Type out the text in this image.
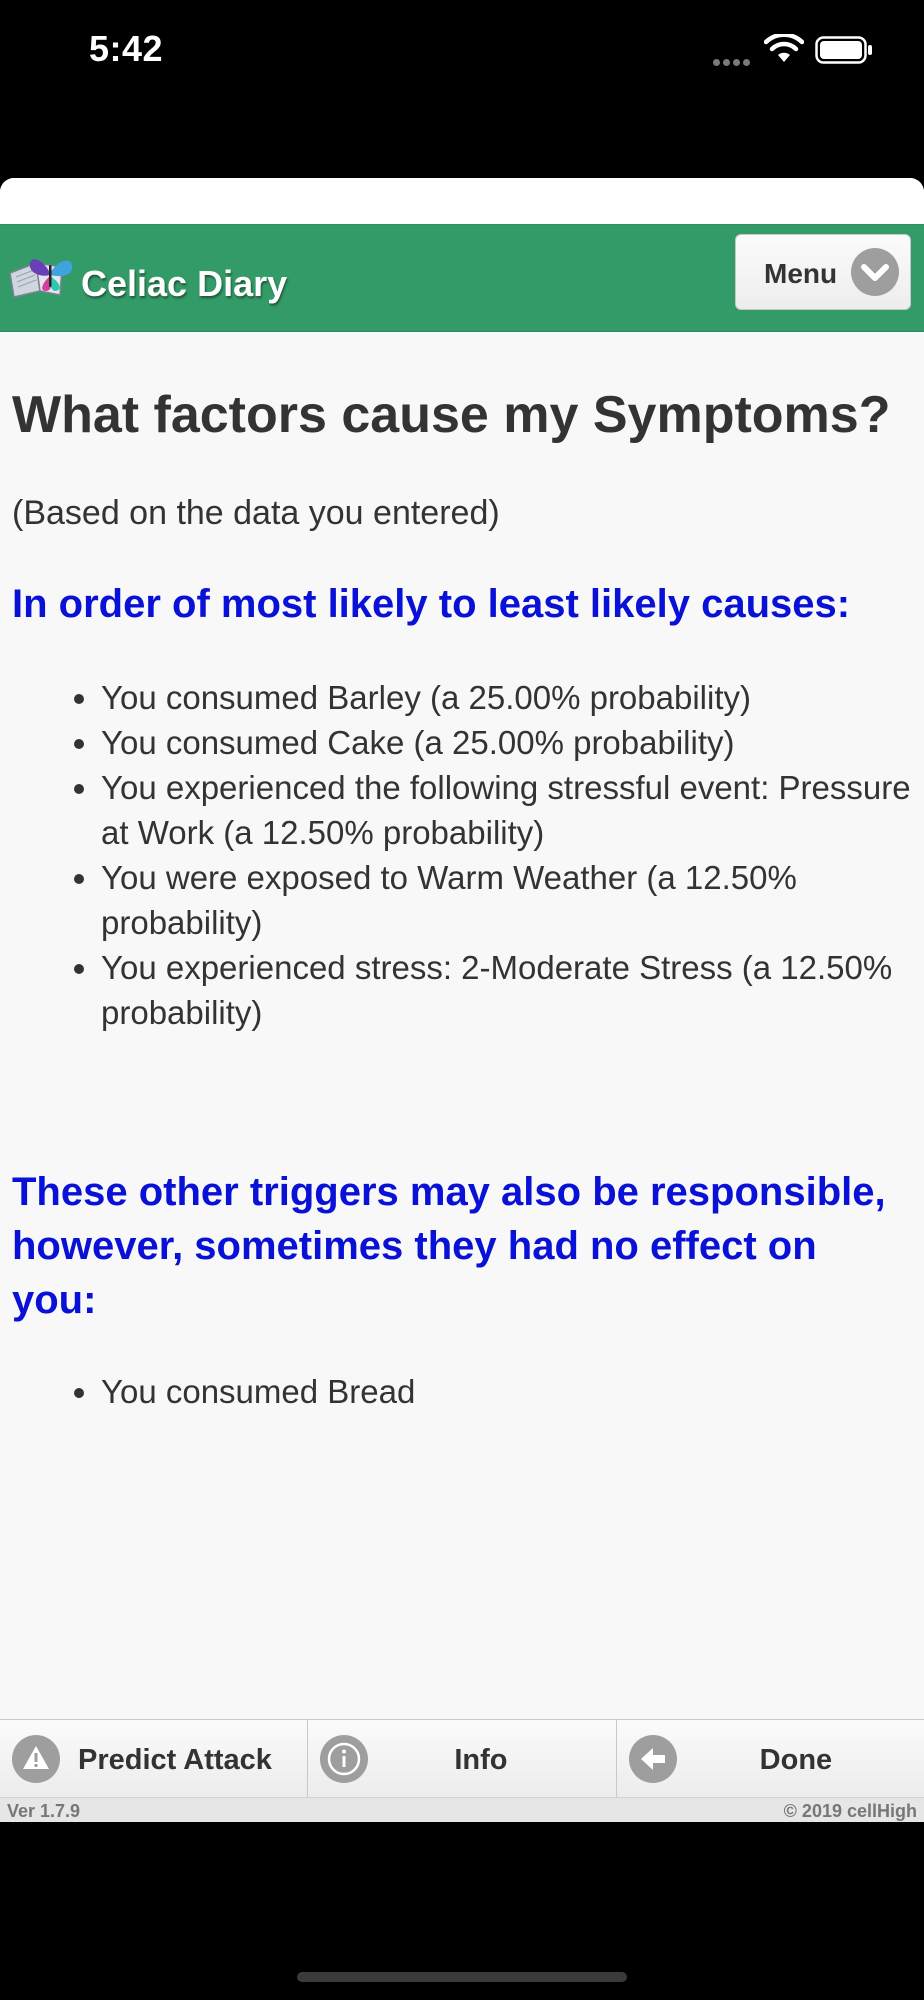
5:42
Celiac Diary	Menu
What factors cause my Symptoms?

(Based on the data you entered)

In order of most likely to least likely causes:
• You consumed Barley (a 25.00% probability)
• You consumed Cake (a 25.00% probability)
• You experienced the following stressful event: Pressure at Work (a 12.50% probability)
• You were exposed to Warm Weather (a 12.50% probability)
• You experienced stress: 2-Moderate Stress (a 12.50% probability)
These other triggers may also be responsible, however, sometimes they had no effect on you:
• You consumed Bread
Predict Attack	Info	Done
Ver 1.7.9	© 2019 cellHigh
